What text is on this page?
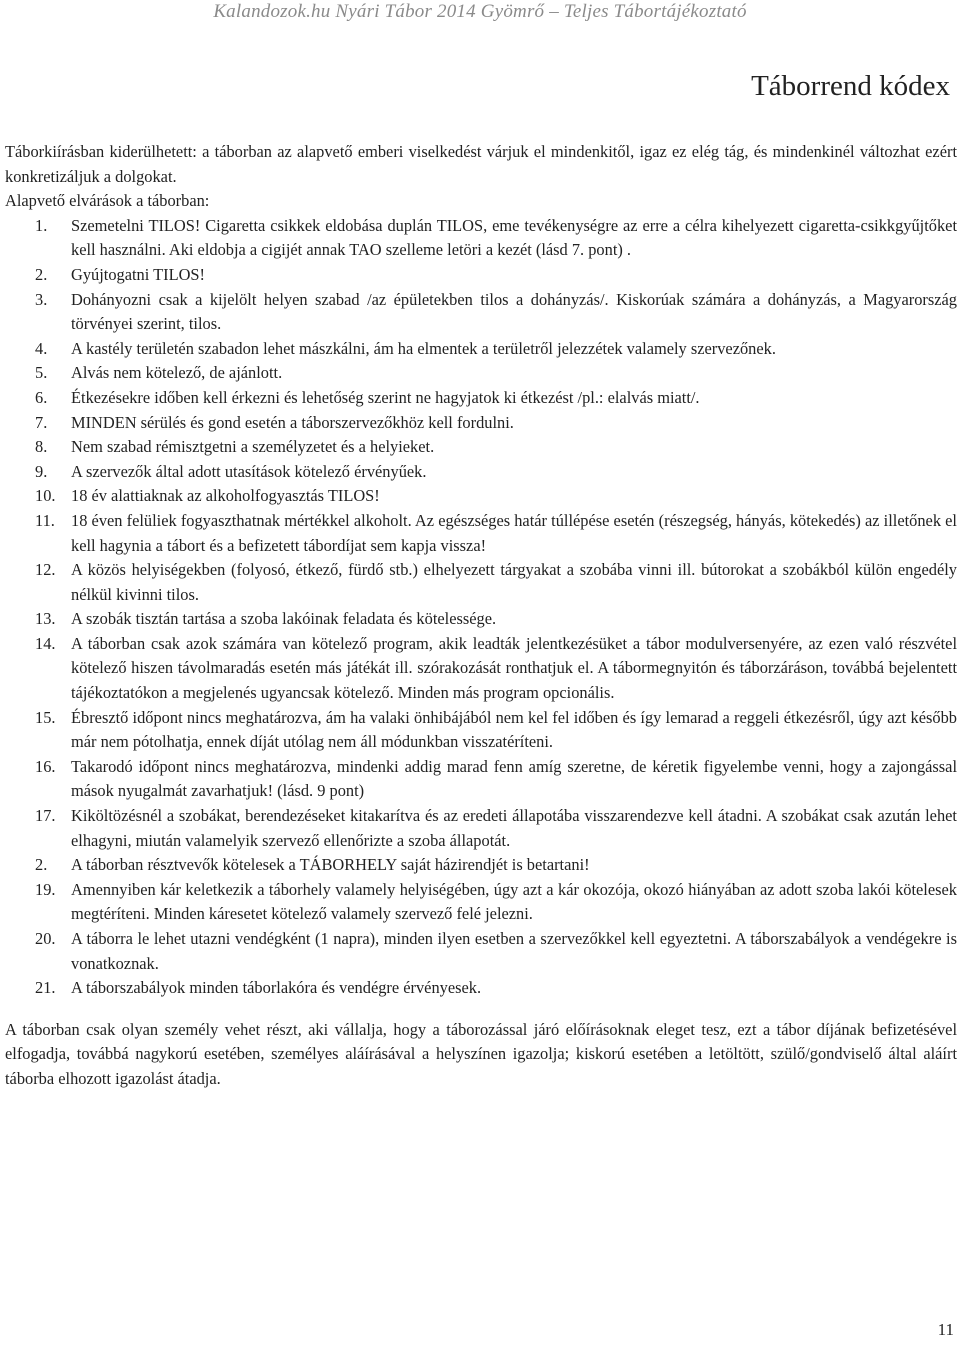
Kalandozok.hu Nyári Tábor 2014 Gyömrő – Teljes Tábortájékoztató
Táborrend kódex

Táborkiírásban kiderülhetett: a táborban az alapvető emberi viselkedést várjuk el mindenkitől, igaz ez elég tág, és mindenkinél változhat ezért konkretizáljuk a dolgokat.

Alapvető elvárások a táborban:

1.	Szemetelni TILOS! Cigaretta csikkek eldobása duplán TILOS, eme tevékenységre az erre a célra kihelyezett cigaretta-csikkgyűjtőket kell használni. Aki eldobja a cigijét annak TAO szelleme letöri a kezét (lásd 7. pont) .
2.	Gyújtogatni TILOS!
3.	Dohányozni csak a kijelölt helyen szabad /az épületekben tilos a dohányzás/. Kiskorúak számára a dohányzás, a Magyarország törvényei szerint, tilos.
4.	A kastély területén szabadon lehet mászkálni, ám ha elmentek a területről jelezzétek valamely szervezőnek.
5.	Alvás nem kötelező, de ajánlott.
6.	Étkezésekre időben kell érkezni és lehetőség szerint ne hagyjatok ki étkezést /pl.: elalvás miatt/.
7.	MINDEN sérülés és gond esetén a táborszervezőkhöz kell fordulni.
8.	Nem szabad rémisztgetni a személyzetet és a helyieket.
9.	A szervezők által adott utasítások kötelező érvényűek.
10. 18 év alattiaknak az alkoholfogyasztás TILOS!
11. 18 éven felüliek fogyaszthatnak mértékkel alkoholt. Az egészséges határ túllépése esetén (részegség, hányás, kötekedés) az illetőnek el kell hagynia a tábort és a befizetett tábordíjat sem kapja vissza!
12. A közös helyiségekben (folyosó, étkező, fürdő stb.) elhelyezett tárgyakat a szobába vinni ill. bútorokat a szobákból külön engedély nélkül kivinni tilos.
13. A szobák tisztán tartása a szoba lakóinak feladata és kötelessége.
14. A táborban csak azok számára van kötelező program, akik leadták jelentkezésüket a tábor modulversenyére, az ezen való részvétel kötelező hiszen távolmaradás esetén más játékát ill. szórakozását ronthatjuk el. A tábormegnyitón és táborzáráson, továbbá bejelentett tájékoztatókon a megjelenés ugyancsak kötelező. Minden más program opcionális.
15. Ébresztő időpont nincs meghatározva, ám ha valaki önhibájából nem kel fel időben és így lemarad a reggeli étkezésről, úgy azt később már nem pótolhatja, ennek díját utólag nem áll módunkban visszatéríteni.
16. Takarodó időpont nincs meghatározva, mindenki addig marad fenn amíg szeretne, de kéretik figyelembe venni, hogy a zajongással mások nyugalmát zavarhatjuk! (lásd. 9 pont)
17. Kiköltözésnél a szobákat, berendezéseket kitakarítva és az eredeti állapotába visszarendezve kell átadni. A szobákat csak azután lehet elhagyni, miután valamelyik szervező ellenőrizte a szoba állapotát.
2.	A táborban résztvevők kötelesek a TÁBORHELY saját házirendjét is betartani!
19. Amennyiben kár keletkezik a táborhely valamely helyiségében, úgy azt a kár okozója, okozó hiányában az adott szoba lakói kötelesek megtéríteni. Minden káresetet kötelező valamely szervező felé jelezni.
20. A táborra le lehet utazni vendégként (1 napra), minden ilyen esetben a szervezőkkel kell egyeztetni. A táborszabályok a vendégekre is vonatkoznak.
21. A táborszabályok minden táborlakóra és vendégre érvényesek.

A táborban csak olyan személy vehet részt, aki vállalja, hogy a táborozással járó előírásoknak eleget tesz, ezt a tábor díjának befizetésével elfogadja, továbbá nagykorú esetében, személyes aláírásával a helyszínen igazolja; kiskorú esetében a letöltött, szülő/gondviselő által aláírt táborba elhozott igazolást átadja.

11
